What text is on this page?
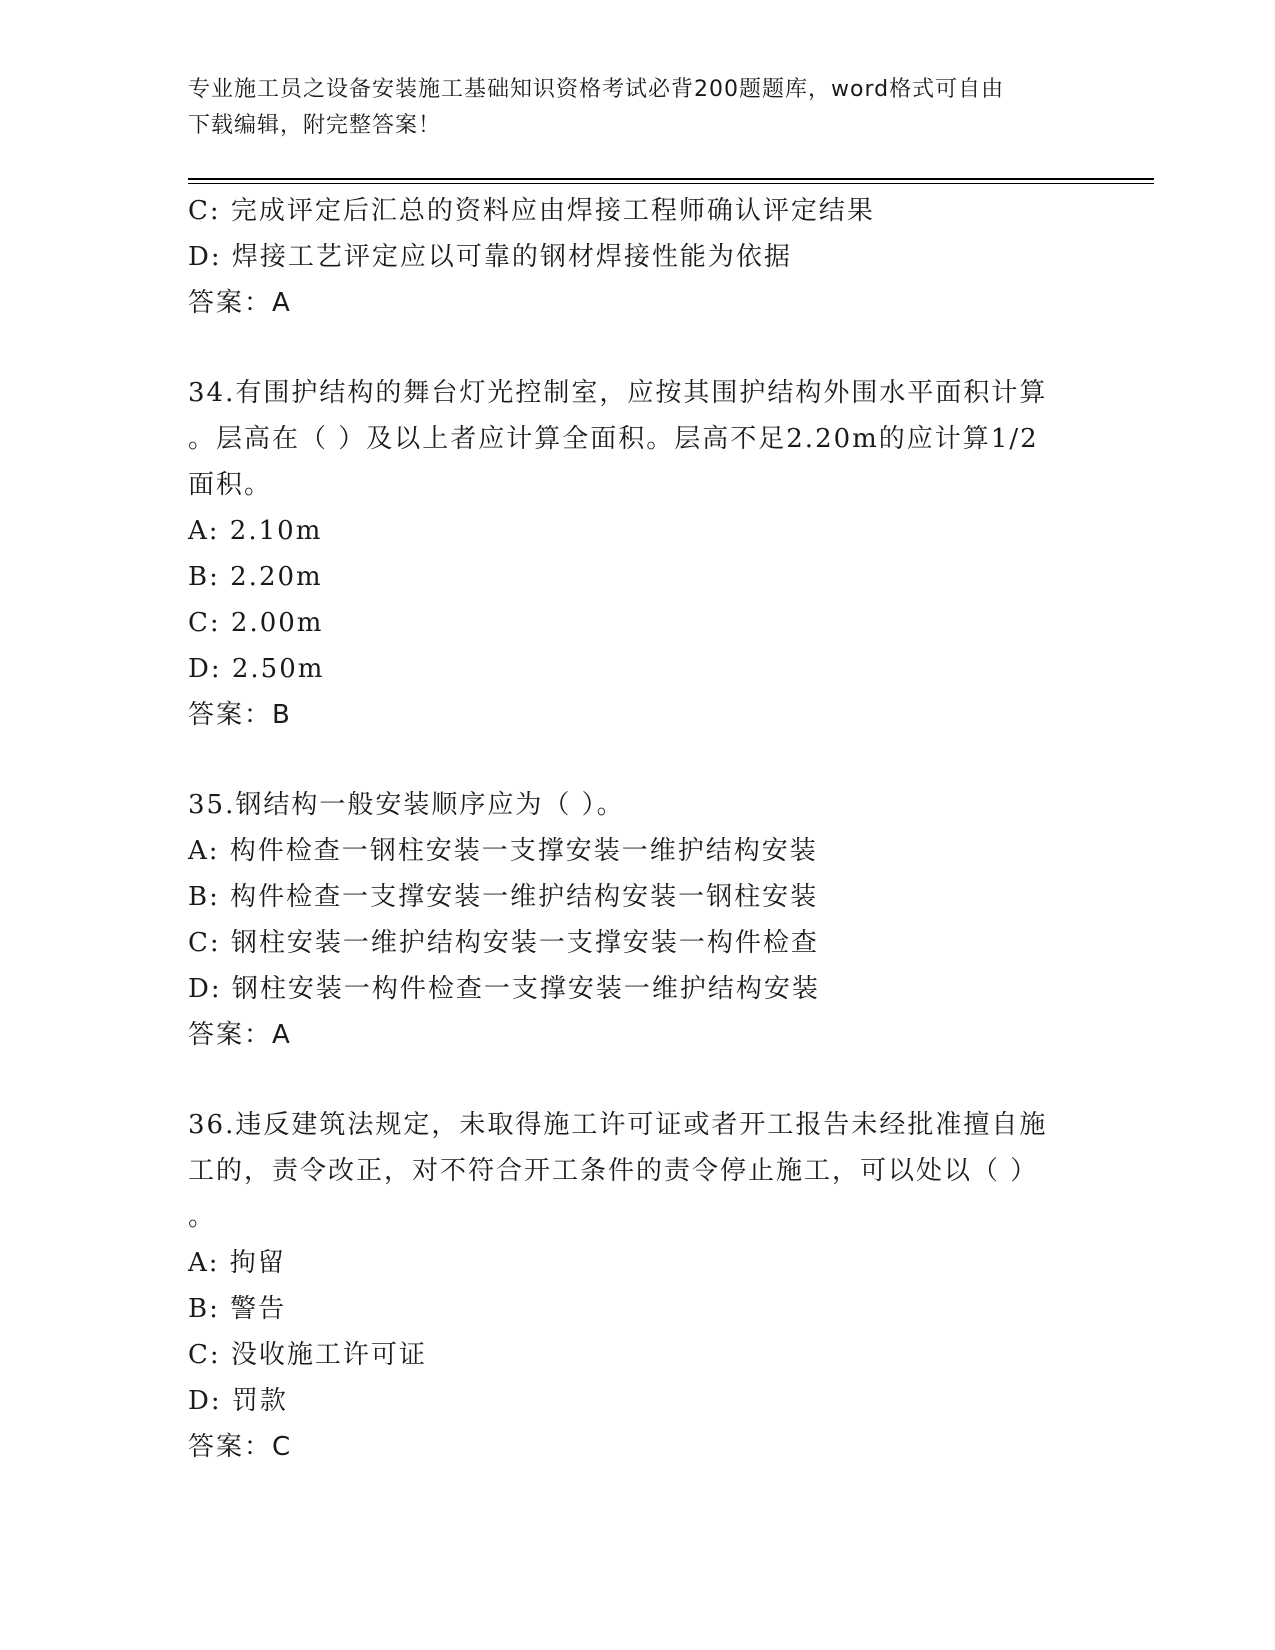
专业施工员之设备安装施工基础知识资格考试必背200题题库，word格式可自由
下载编辑，附完整答案！
C: 完成评定后汇总的资料应由焊接工程师确认评定结果
D: 焊接工艺评定应以可靠的钢材焊接性能为依据
答案：A
34.有围护结构的舞台灯光控制室，应按其围护结构外围水平面积计算
。层高在（ ）及以上者应计算全面积。层高不足2.20m的应计算1/2
面积。
A: 2.10m
B: 2.20m
C: 2.00m
D: 2.50m
答案：B
35.钢结构一般安装顺序应为（ ）。
A: 构件检查一钢柱安装一支撑安装一维护结构安装
B: 构件检查一支撑安装一维护结构安装一钢柱安装
C: 钢柱安装一维护结构安装一支撑安装一构件检查
D: 钢柱安装一构件检查一支撑安装一维护结构安装
答案：A
36.违反建筑法规定，未取得施工许可证或者开工报告未经批准擅自施
工的，责令改正，对不符合开工条件的责令停止施工，可以处以（ ）
。
A: 拘留
B: 警告
C: 没收施工许可证
D: 罚款
答案：C
